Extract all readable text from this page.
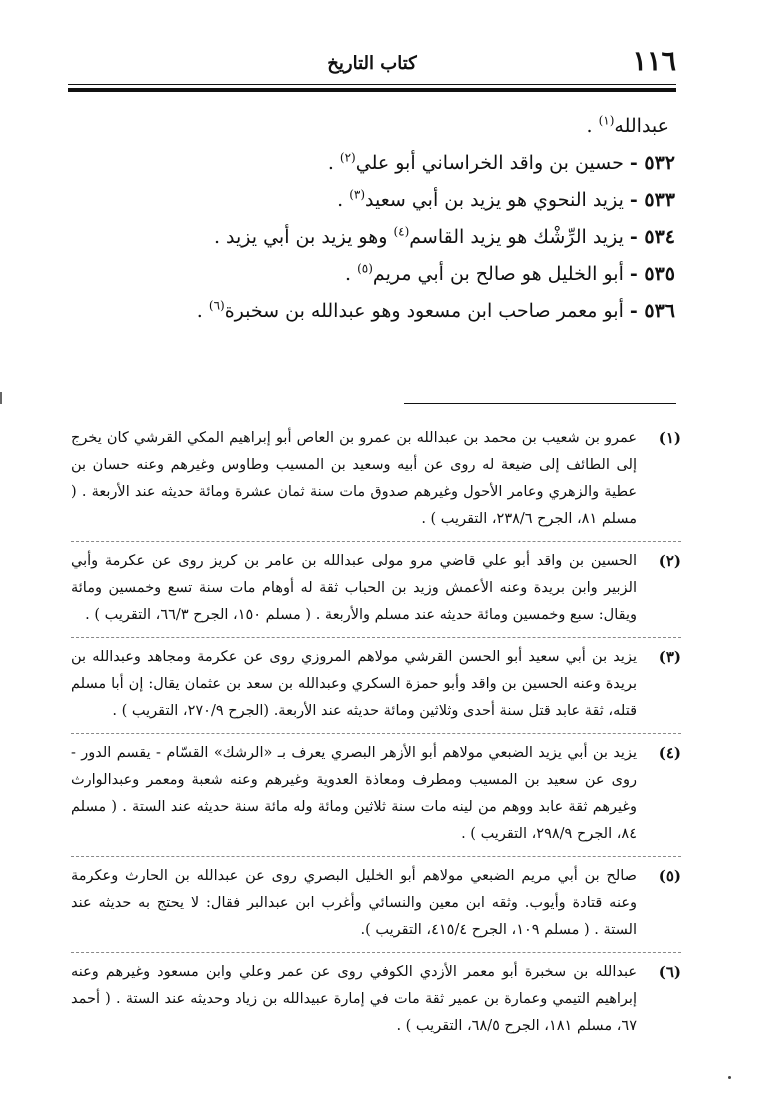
١١٦
كتاب التاريخ
عبدالله$^{(١)}$ .
٥٣٢ -حسين بن واقد الخراساني أبو علي$^{(٢)}$ .
٥٣٣ -يزيد النحوي هو يزيد بن أبي سعيد$^{(٣)}$ .
٥٣٤ -يزيد الرِّشْك هو يزيد القاسم$^{(٤)}$ وهو يزيد بن أبي يزيد .
٥٣٥ -أبو الخليل هو صالح بن أبي مريم$^{(٥)}$ .
٥٣٦ -أبو معمر صاحب ابن مسعود وهو عبدالله بن سخبرة$^{(٦)}$ .
(١)
عمرو بن شعيب بن محمد بن عبدالله بن عمرو بن العاص أبو إبراهيم المكي القرشي كان يخرج إلى الطائف إلى ضيعة له روى عن أبيه وسعيد بن المسيب وطاوس وغيرهم وعنه حسان بن عطية والزهري وعامر الأحول وغيرهم صدوق مات سنة ثمان عشرة ومائة حديثه عند الأربعة . ( مسلم ٨١، الجرح ٢٣٨/٦، التقريب ) .
(٢)
الحسين بن واقد أبو علي قاضي مرو مولى عبدالله بن عامر بن كريز روى عن عكرمة وأبي الزبير وابن بريدة وعنه الأعمش وزيد بن الحباب ثقة له أوهام مات سنة تسع وخمسين ومائة ويقال: سبع وخمسين ومائة حديثه عند مسلم والأربعة . ( مسلم ١٥٠، الجرح ٦٦/٣، التقريب ) .
(٣)
يزيد بن أبي سعيد أبو الحسن القرشي مولاهم المروزي روى عن عكرمة ومجاهد وعبدالله بن بريدة وعنه الحسين بن واقد وأبو حمزة السكري وعبدالله بن سعد بن عثمان يقال: إن أبا مسلم قتله، ثقة عابد قتل سنة أحدى وثلاثين ومائة حديثه عند الأربعة. (الجرح ٢٧٠/٩، التقريب ) .
(٤)
يزيد بن أبي يزيد الضبعي مولاهم أبو الأزهر البصري يعرف بـ «الرشك» القسّام - يقسم الدور - روى عن سعيد بن المسيب ومطرف ومعاذة العدوية وغيرهم وعنه شعبة ومعمر وعبدالوارث وغيرهم ثقة عابد ووهم من لينه مات سنة ثلاثين ومائة وله مائة سنة حديثه عند الستة . ( مسلم ٨٤، الجرح ٢٩٨/٩، التقريب ) .
(٥)
صالح بن أبي مريم الضبعي مولاهم أبو الخليل البصري روى عن عبدالله بن الحارث وعكرمة وعنه قتادة وأيوب. وثقه ابن معين والنسائي وأغرب ابن عبدالبر فقال: لا يحتج به حديثه عند الستة . ( مسلم ١٠٩، الجرح ٤١٥/٤، التقريب ).
(٦)
عبدالله بن سخبرة أبو معمر الأزدي الكوفي روى عن عمر وعلي وابن مسعود وغيرهم وعنه إبراهيم التيمي وعمارة بن عمير ثقة مات في إمارة عبيدالله بن زياد وحديثه عند الستة . ( أحمد ٦٧، مسلم ١٨١، الجرح ٦٨/٥، التقريب ) .
